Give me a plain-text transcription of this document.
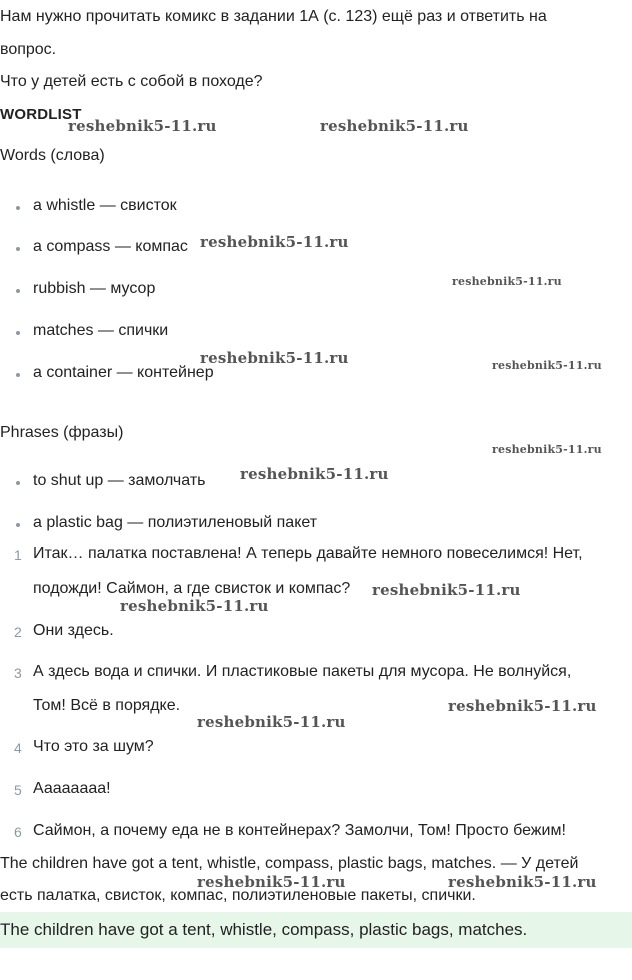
Нам нужно прочитать комикс в задании 1А (с. 123) ещё раз и ответить на
вопрос.
Что у детей есть с собой в походе?
WORDLIST
Words (слова)
a whistle — свисток
a compass — компас
rubbish — мусор
matches — спички
a container — контейнер
Phrases (фразы)
to shut up — замолчать
a plastic bag — полиэтиленовый пакет
1 Итак… палатка поставлена! А теперь давайте немного повеселимся! Нет,
подожди! Саймон, а где свисток и компас?
2 Они здесь.
3 А здесь вода и спички. И пластиковые пакеты для мусора. Не волнуйся,
Том! Всё в порядке.
4 Что это за шум?
5 Аааааааа!
6 Саймон, а почему еда не в контейнерах? Замолчи, Том! Просто бежим!
The children have got a tent, whistle, compass, plastic bags, matches. — У детей
есть палатка, свисток, компас, полиэтиленовые пакеты, спички.
The children have got a tent, whistle, compass, plastic bags, matches.
reshebnik5-11.ru	reshebnik5-11.ru
reshebnik5-11.ru
reshebnik5-11.ru
reshebnik5-11.ru	reshebnik5-11.ru
reshebnik5-11.ru
reshebnik5-11.ru
reshebnik5-11.ru
reshebnik5-11.ru
reshebnik5-11.ru
reshebnik5-11.ru
reshebnik5-11.ru	reshebnik5-11.ru
